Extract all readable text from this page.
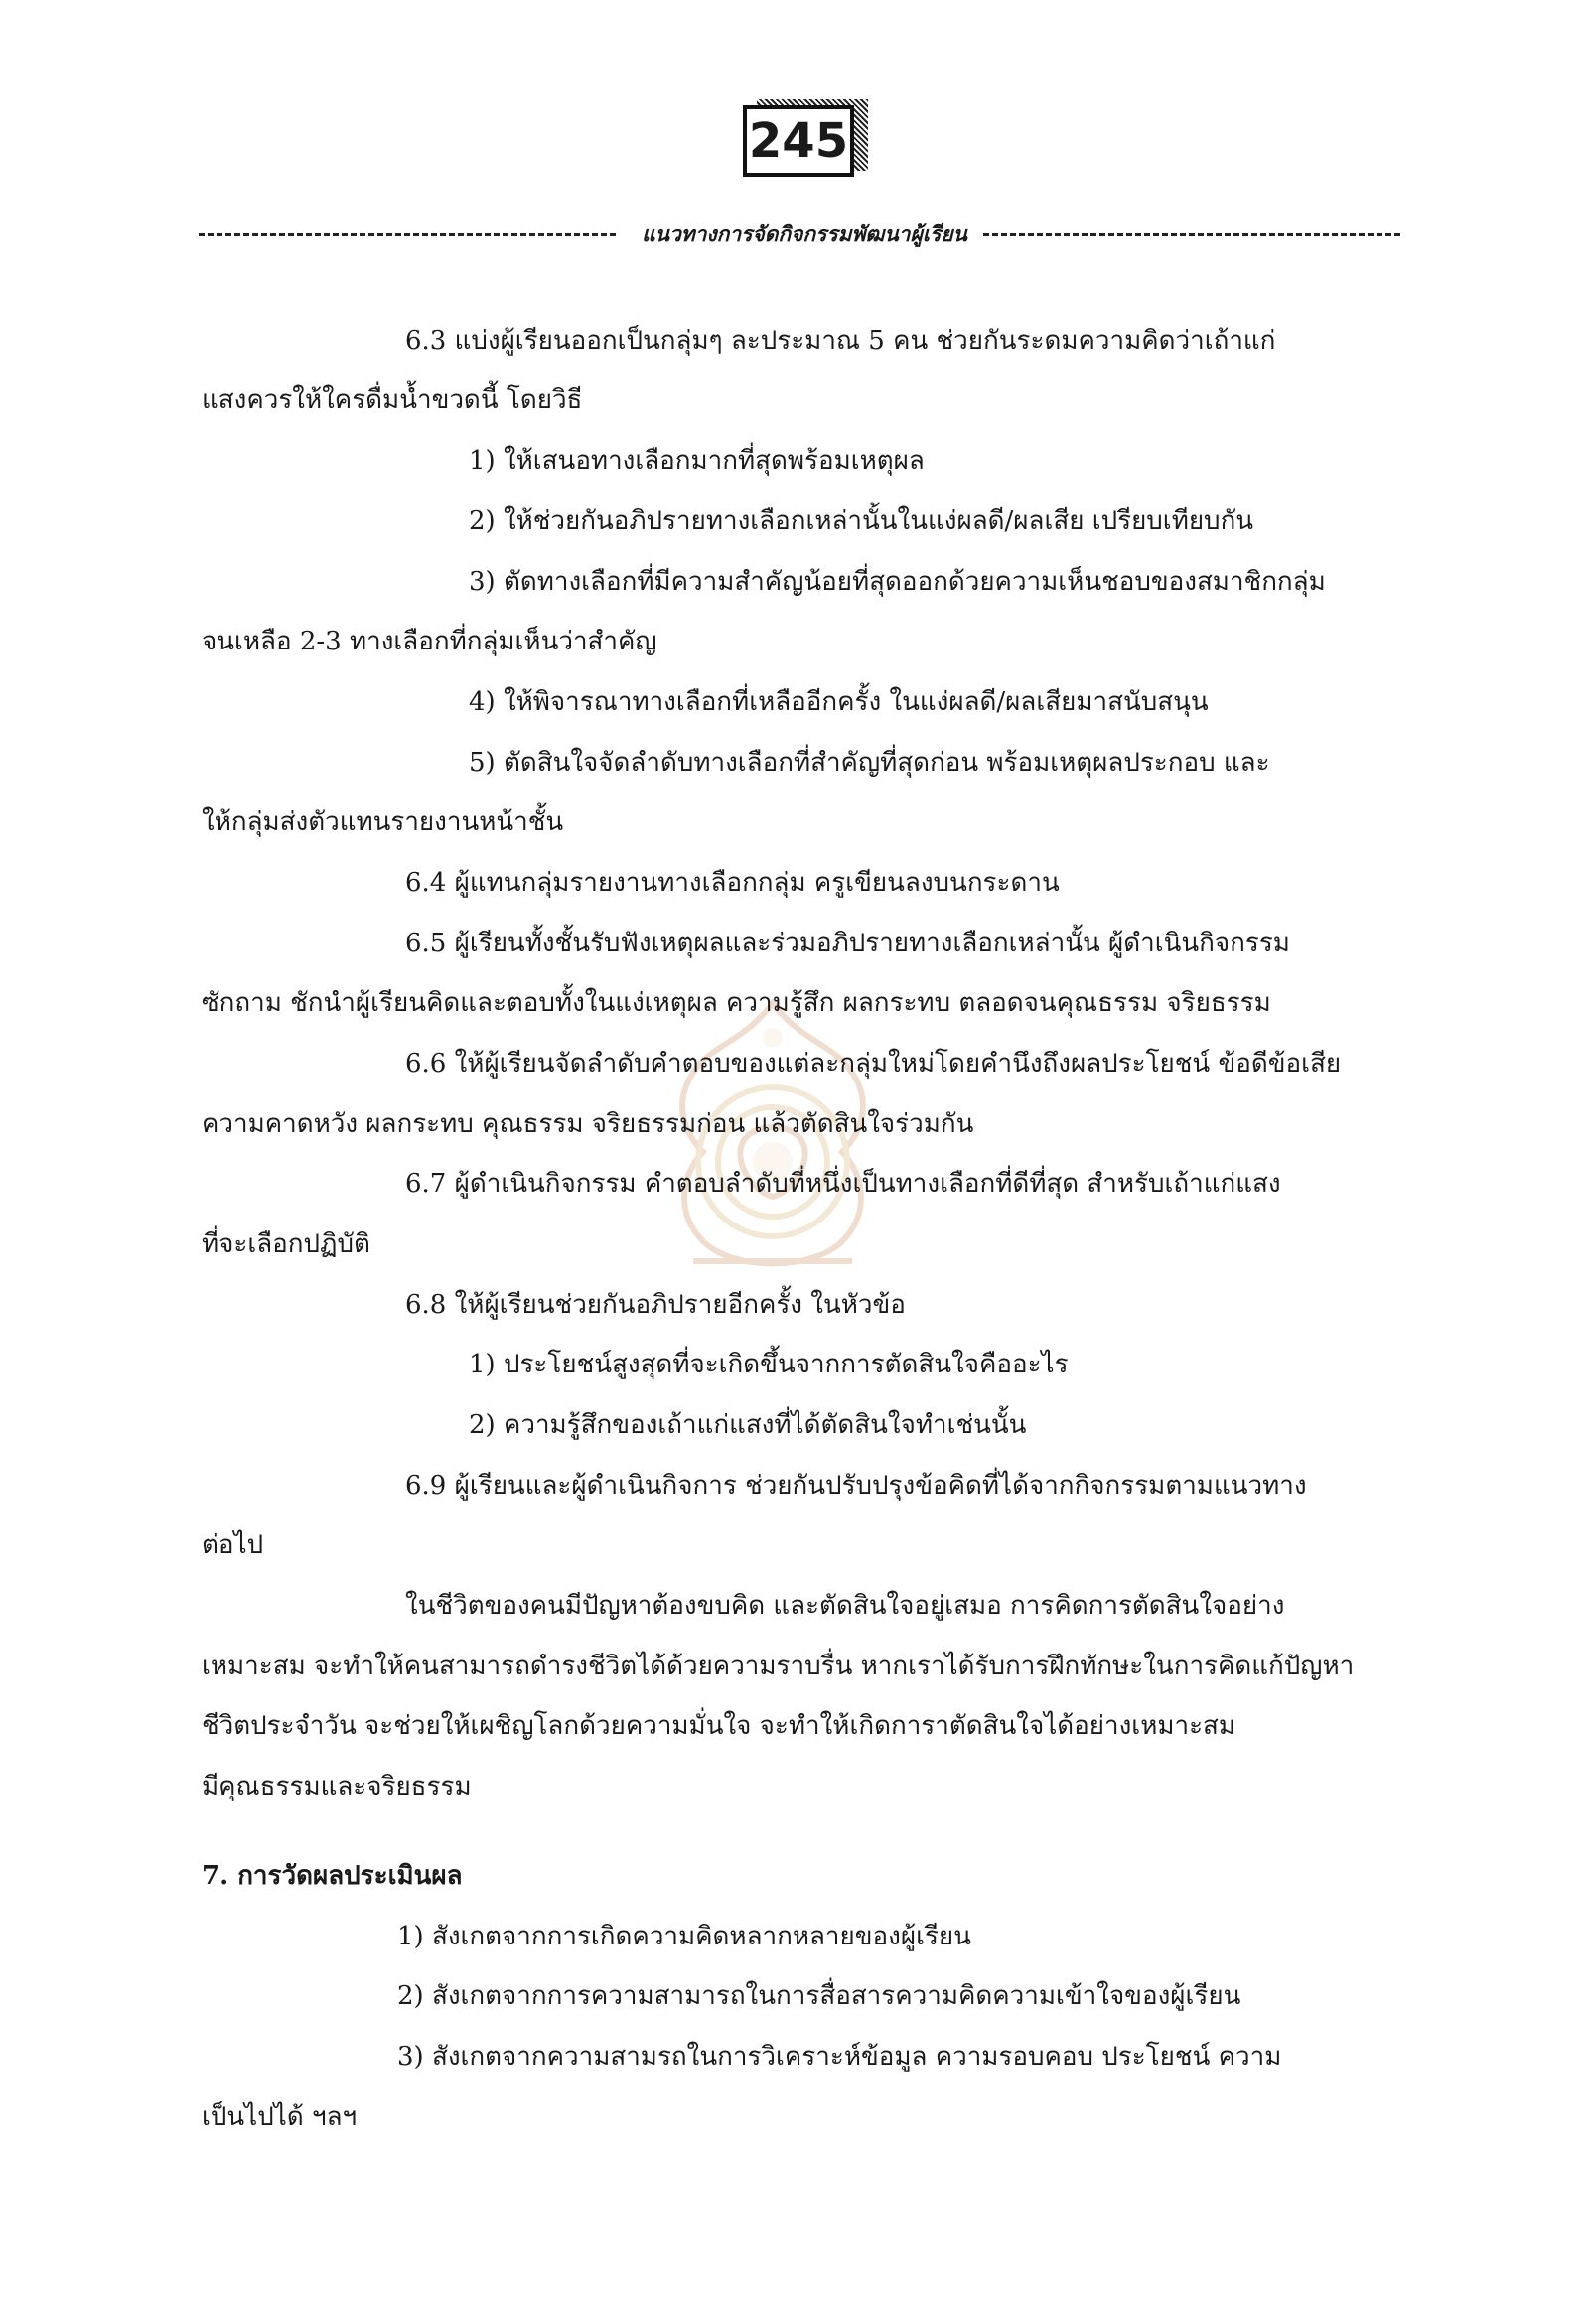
245
แนวทางการจัดกิจกรรมพัฒนาผู้เรียน
6.3 แบ่งผู้เรียนออกเป็นกลุ่มๆ ละประมาณ 5 คน ช่วยกันระดมความคิดว่าเถ้าแก่
แสงควรให้ใครดื่มน้ำขวดนี้ โดยวิธี
1) ให้เสนอทางเลือกมากที่สุดพร้อมเหตุผล
2) ให้ช่วยกันอภิปรายทางเลือกเหล่านั้นในแง่ผลดี/ผลเสีย เปรียบเทียบกัน
3) ตัดทางเลือกที่มีความสำคัญน้อยที่สุดออกด้วยความเห็นชอบของสมาชิกกลุ่ม
จนเหลือ 2-3 ทางเลือกที่กลุ่มเห็นว่าสำคัญ
4) ให้พิจารณาทางเลือกที่เหลืออีกครั้ง ในแง่ผลดี/ผลเสียมาสนับสนุน
5) ตัดสินใจจัดลำดับทางเลือกที่สำคัญที่สุดก่อน พร้อมเหตุผลประกอบ และ
ให้กลุ่มส่งตัวแทนรายงานหน้าชั้น
6.4 ผู้แทนกลุ่มรายงานทางเลือกกลุ่ม ครูเขียนลงบนกระดาน
6.5 ผู้เรียนทั้งชั้นรับฟังเหตุผลและร่วมอภิปรายทางเลือกเหล่านั้น ผู้ดำเนินกิจกรรม
ซักถาม ชักนำผู้เรียนคิดและตอบทั้งในแง่เหตุผล ความรู้สึก ผลกระทบ ตลอดจนคุณธรรม จริยธรรม
6.6 ให้ผู้เรียนจัดลำดับคำตอบของแต่ละกลุ่มใหม่โดยคำนึงถึงผลประโยชน์ ข้อดีข้อเสีย
ความคาดหวัง ผลกระทบ คุณธรรม จริยธรรมก่อน แล้วตัดสินใจร่วมกัน
6.7 ผู้ดำเนินกิจกรรม คำตอบลำดับที่หนึ่งเป็นทางเลือกที่ดีที่สุด สำหรับเถ้าแก่แสง
ที่จะเลือกปฏิบัติ
6.8 ให้ผู้เรียนช่วยกันอภิปรายอีกครั้ง ในหัวข้อ
1) ประโยชน์สูงสุดที่จะเกิดขึ้นจากการตัดสินใจคืออะไร
2) ความรู้สึกของเถ้าแก่แสงที่ได้ตัดสินใจทำเช่นนั้น
6.9 ผู้เรียนและผู้ดำเนินกิจการ ช่วยกันปรับปรุงข้อคิดที่ได้จากกิจกรรมตามแนวทาง
ต่อไป
ในชีวิตของคนมีปัญหาต้องขบคิด และตัดสินใจอยู่เสมอ การคิดการตัดสินใจอย่าง
เหมาะสม จะทำให้คนสามารถดำรงชีวิตได้ด้วยความราบรื่น หากเราได้รับการฝึกทักษะในการคิดแก้ปัญหา
ชีวิตประจำวัน จะช่วยให้เผชิญโลกด้วยความมั่นใจ จะทำให้เกิดการาตัดสินใจได้อย่างเหมาะสม
มีคุณธรรมและจริยธรรม
7. การวัดผลประเมินผล
1) สังเกตจากการเกิดความคิดหลากหลายของผู้เรียน
2) สังเกตจากการความสามารถในการสื่อสารความคิดความเข้าใจของผู้เรียน
3) สังเกตจากความสามรถในการวิเคราะห์ข้อมูล ความรอบคอบ ประโยชน์ ความ
เป็นไปได้ ฯลฯ
